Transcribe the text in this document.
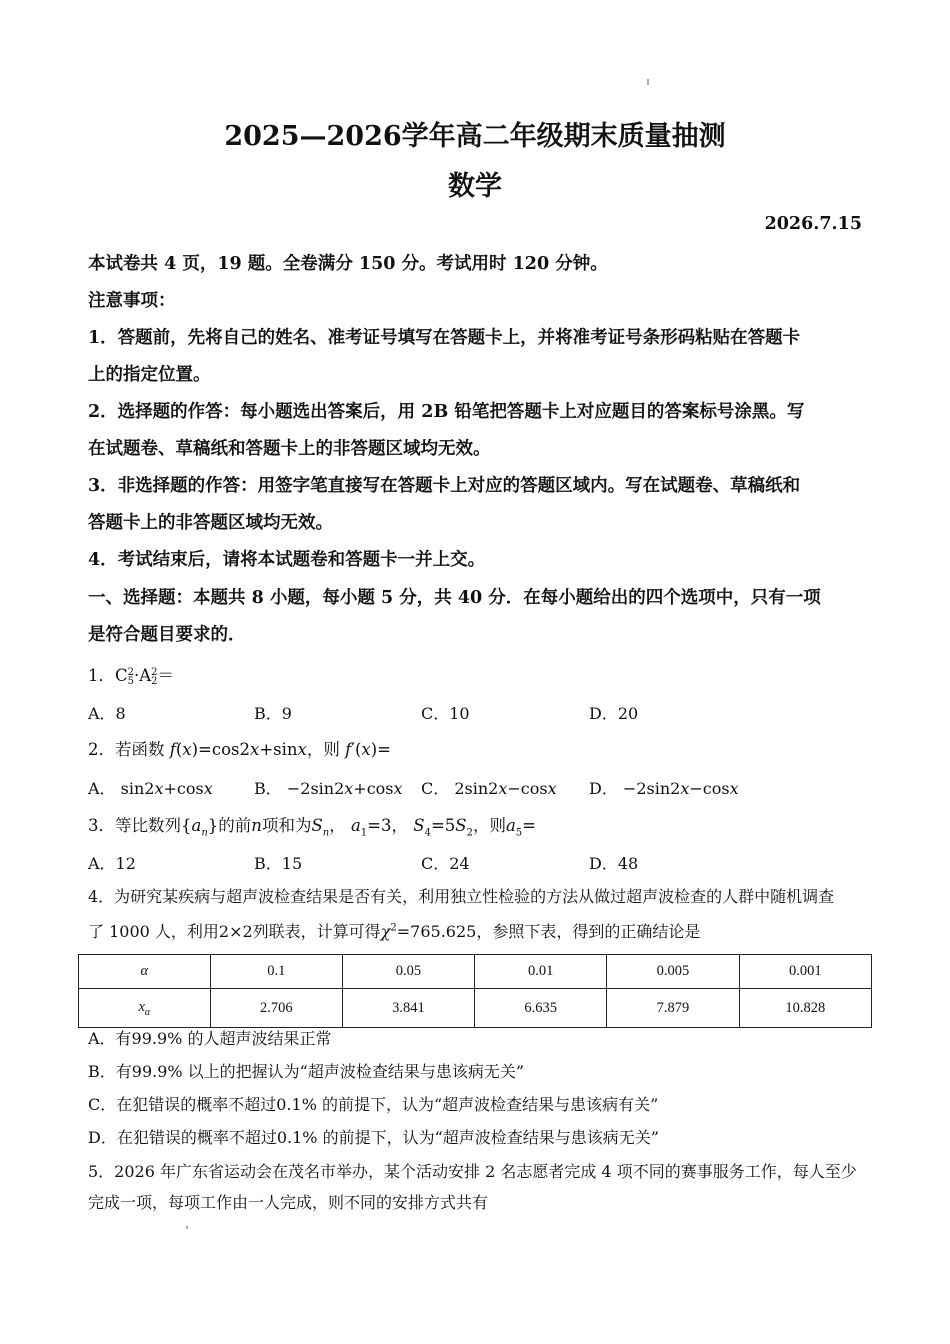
2025—2026学年高二年级期末质量抽测
数学
2026.7.15
本试卷共 4 页，19 题。全卷满分 150 分。考试用时 120 分钟。
注意事项：
1．答题前，先将自己的姓名、准考证号填写在答题卡上，并将准考证号条形码粘贴在答题卡
上的指定位置。
2．选择题的作答：每小题选出答案后，用 2B 铅笔把答题卡上对应题目的答案标号涂黑。写
在试题卷、草稿纸和答题卡上的非答题区域均无效。
3．非选择题的作答：用签字笔直接写在答题卡上对应的答题区域内。写在试题卷、草稿纸和
答题卡上的非答题区域均无效。
4．考试结束后，请将本试题卷和答题卡一并上交。
一、选择题：本题共 8 小题，每小题 5 分，共 40 分．在每小题给出的四个选项中，只有一项
是符合题目要求的．
1．C 2
5 ·A 2
2 ＝
A．8	B．9	C．10	D．20
2．若函数 f(x)=cos2x+sinx，则 f′(x)=
A． sin2x+cosx	B． −2sin2x+cosx C． 2sin2x−cosx D． −2sin2x−cosx
3．等比数列$\{a_n\}$的前n项和为$S_n$， $a_1=3$， $S_4=5S_2$，则$a_5=$
A．12	B．15	C．24	D．48
4．为研究某疾病与超声波检查结果是否有关，利用独立性检验的方法从做过超声波检查的人群中随机调查
了 1000 人，利用2×2列联表，计算可得$\chi^2=765.625$，参照下表，得到的正确结论是
α	0.1	0.05	0.01	0.005	0.001
$x_\alpha$	2.706	3.841	6.635	7.879	10.828
A．有99.9% 的人超声波结果正常
B．有99.9% 以上的把握认为“超声波检查结果与患该病无关”
C．在犯错误的概率不超过0.1% 的前提下，认为“超声波检查结果与患该病有关”
D．在犯错误的概率不超过0.1% 的前提下，认为“超声波检查结果与患该病无关”
5．2026 年广东省运动会在茂名市举办，某个活动安排 2 名志愿者完成 4 项不同的赛事服务工作，每人至少
完成一项，每项工作由一人完成，则不同的安排方式共有
